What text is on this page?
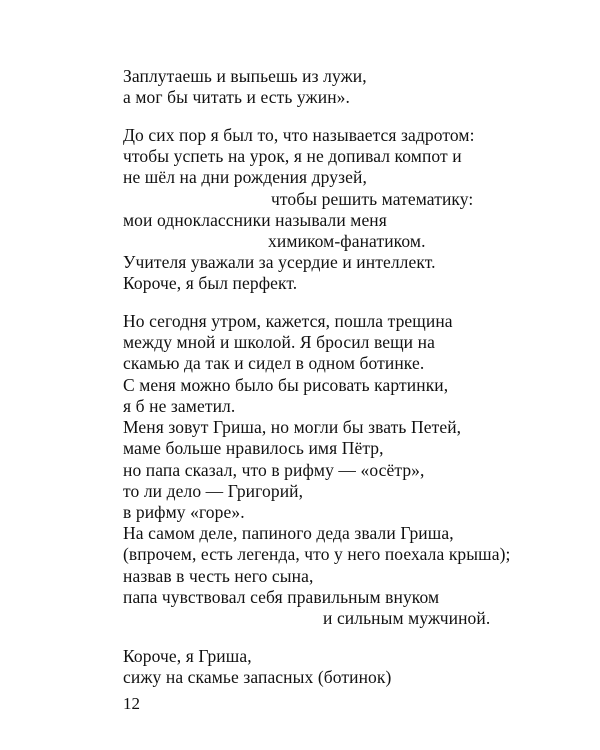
Заплутаешь и выпьешь из лужи,
а мог бы читать и есть ужин».
До сих пор я был то, что называется задротом:
чтобы успеть на урок, я не допивал компот и
не шёл на дни рождения друзей,
чтобы решить математику:
мои одноклассники называли меня
химиком-фанатиком.
Учителя уважали за усердие и интеллект.
Короче, я был перфект.
Но сегодня утром, кажется, пошла трещина
между мной и школой. Я бросил вещи на
скамью да так и сидел в одном ботинке.
С меня можно было бы рисовать картинки,
я б не заметил.
Меня зовут Гриша, но могли бы звать Петей,
маме больше нравилось имя Пётр,
но папа сказал, что в рифму — «осётр»,
то ли дело — Григорий,
в рифму «горе».
На самом деле, папиного деда звали Гриша,
(впрочем, есть легенда, что у него поехала крыша);
назвав в честь него сына,
папа чувствовал себя правильным внуком
и сильным мужчиной.
Короче, я Гриша,
сижу на скамье запасных (ботинок)
12
